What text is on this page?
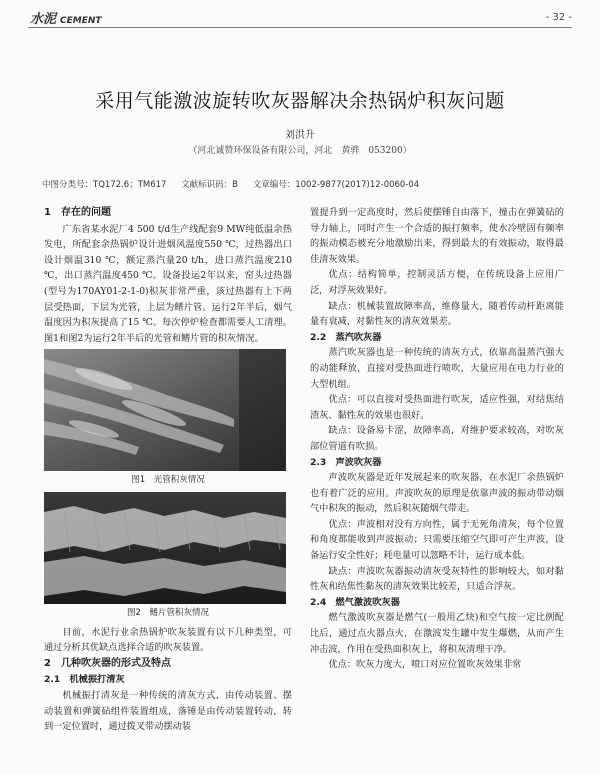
水泥 CEMENT	- 32 -
采用气能激波旋转吹灰器解决余热锅炉积灰问题
刘洪升
（河北诚赞环保设备有限公司，河北　黄骅　053200）
中图分类号：TQ172.6；TM617 文献标识码：B 文章编号：1002-9877(2017)12-0060-04
1　存在的问题

广东省某水泥厂4 500 t/d生产线配套9 MW纯低温余热发电，所配套余热锅炉设计进烟风温度550 ℃，过热器出口设计烟温310 ℃，额定蒸汽量20 t/h，进口蒸汽温度210 ℃，出口蒸汽温度450 ℃。设备投运2年以来，窑头过热器(型号为170AY01-2-1-0)积灰非常严重，该过热器有上下两层受热面，下层为光管，上层为鳍片管。运行2年半后，烟气温度因为积灰提高了15 ℃。每次停炉检查都需要人工清理。图1和图2为运行2年半后的光管和鳍片管的积灰情况。

图1　光管积灰情况
图2　鳍片管积灰情况

目前，水泥行业余热锅炉吹灰装置有以下几种类型，可通过分析其优缺点选择合适的吹灰装置。

2　几种吹灰器的形式及特点
2.1　机械振打清灰

机械振打清灰是一种传统的清灰方式，由传动装置、摆动装置和弹簧砧组件装置组成，落锤是由传动装置转动，转到一定位置时，通过拨叉带动摆动装

置提升到一定高度时，然后使摆锤自由落下，撞击在弹簧砧的导力轴上，同时产生一个合适的振打频率，使水冷壁固有频率的振动模态被充分地激励出来，得到最大的有效振动，取得最佳清灰效果。

优点：结构简单，控制灵活方便，在传统设备上应用广泛，对浮灰效果好。

缺点：机械装置故障率高，维修量大，随着传动杆距离能量有衰减，对黏性灰的清灰效果差。

2.2　蒸汽吹灰器

蒸汽吹灰器也是一种传统的清灰方式，依靠高温蒸汽强大的动能释放，直接对受热面进行喷吹，大量应用在电力行业的大型机组。

优点：可以直接对受热面进行吹灰，适应性强，对结焦结渣灰、黏性灰的效果也很好。

缺点：设备易卡涩，故障率高，对维护要求较高，对吹灰部位管道有吹损。

2.3　声波吹灰器

声波吹灰器是近年发展起来的吹灰器，在水泥厂余热锅炉也有着广泛的应用。声波吹灰的原理是依靠声波的振动带动烟气中积灰的振动，然后积灰随烟气带走。

优点：声波相对没有方向性，属于无死角清灰，每个位置和角度都能收到声波振动；只需要压缩空气即可产生声波，设备运行安全性好；耗电量可以忽略不计，运行成本低。

缺点：声波吹灰器振动清灰受灰特性的影响较大，如对黏性灰和结焦性黏灰的清灰效果比较差，只适合浮灰。

2.4　燃气激波吹灰器

燃气激波吹灰器是燃气(一般用乙炔)和空气按一定比例配比后，通过点火器点火，在激波发生罐中发生爆燃，从而产生冲击波，作用在受热面积灰上，将积灰清理干净。

优点：吹灰力度大，喷口对应位置吹灰效果非常
